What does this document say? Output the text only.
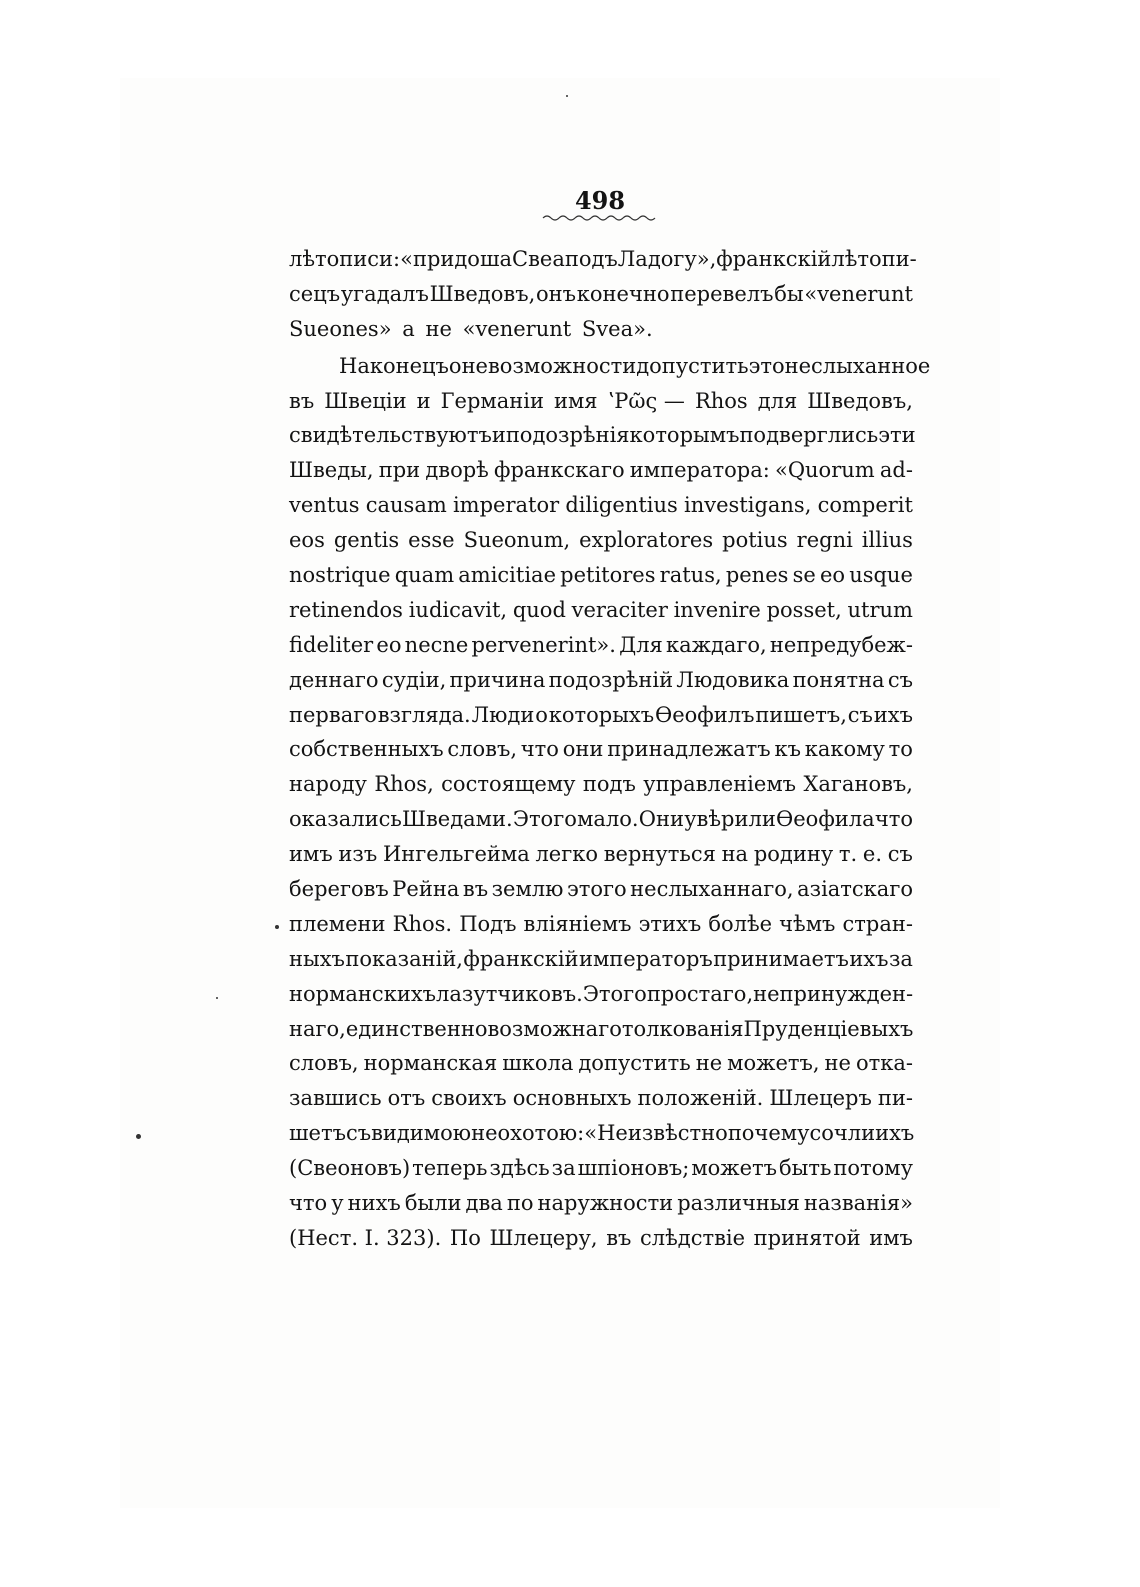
498
лѣтописи: «придоша Свеа подъ Ладогу», франкскій лѣтопи-
сецъ угадалъ Шведовъ, онъ конечно перевелъ бы «venerunt
Sueones»
а
не
«venerunt
Svea».
Наконецъ о невозможности допустить это неслыханное
въ Швеціи и Германіи имя ʽΡῶς — Rhos для Шведовъ,
свидѣтельствуютъ и подозрѣнія которымъ подверглись эти
Шведы, при дворѣ франкскаго императора: «Quorum ad-
ventus causam imperator diligentius investigans, comperit
eos gentis esse Sueonum, exploratores potius regni illius
nostrique quam amicitiae petitores ratus, penes se eo usque
retinendos iudicavit, quod veraciter invenire posset, utrum
fideliter eo necne pervenerint». Для каждаго, непредубеж-
деннаго судіи, причина подозрѣній Людовика понятна съ
перваго взгляда. Люди о которыхъ Ѳеофилъ пишетъ, съ ихъ
собственныхъ словъ, что они принадлежатъ къ какому то
народу Rhos, состоящему подъ управленіемъ Хагановъ,
оказались Шведами. Этого мало. Они увѣрили Ѳеофила что
имъ изъ Ингельгейма легко вернуться на родину т. е. съ
береговъ Рейна въ землю этого неслыханнаго, азіатскаго
племени Rhos. Подъ вліяніемъ этихъ болѣе чѣмъ стран-
ныхъ показаній, франкскій императоръ принимаетъ ихъ за
норманскихъ лазутчиковъ. Этого простаго, непринужден-
наго, единственно возможнаго толкованія Пруденціевыхъ
словъ, норманская школа допустить не можетъ, не отка-
завшись отъ своихъ основныхъ положеній. Шлецеръ пи-
шетъ съ видимою неохотою: «Неизвѣстно почему сочли ихъ
(Свеоновъ) теперь здѣсь за шпіоновъ; можетъ быть потому
что у нихъ были два по наружности различныя названія»
(Нест. I. 323). По Шлецеру, въ слѣдствіе принятой имъ
